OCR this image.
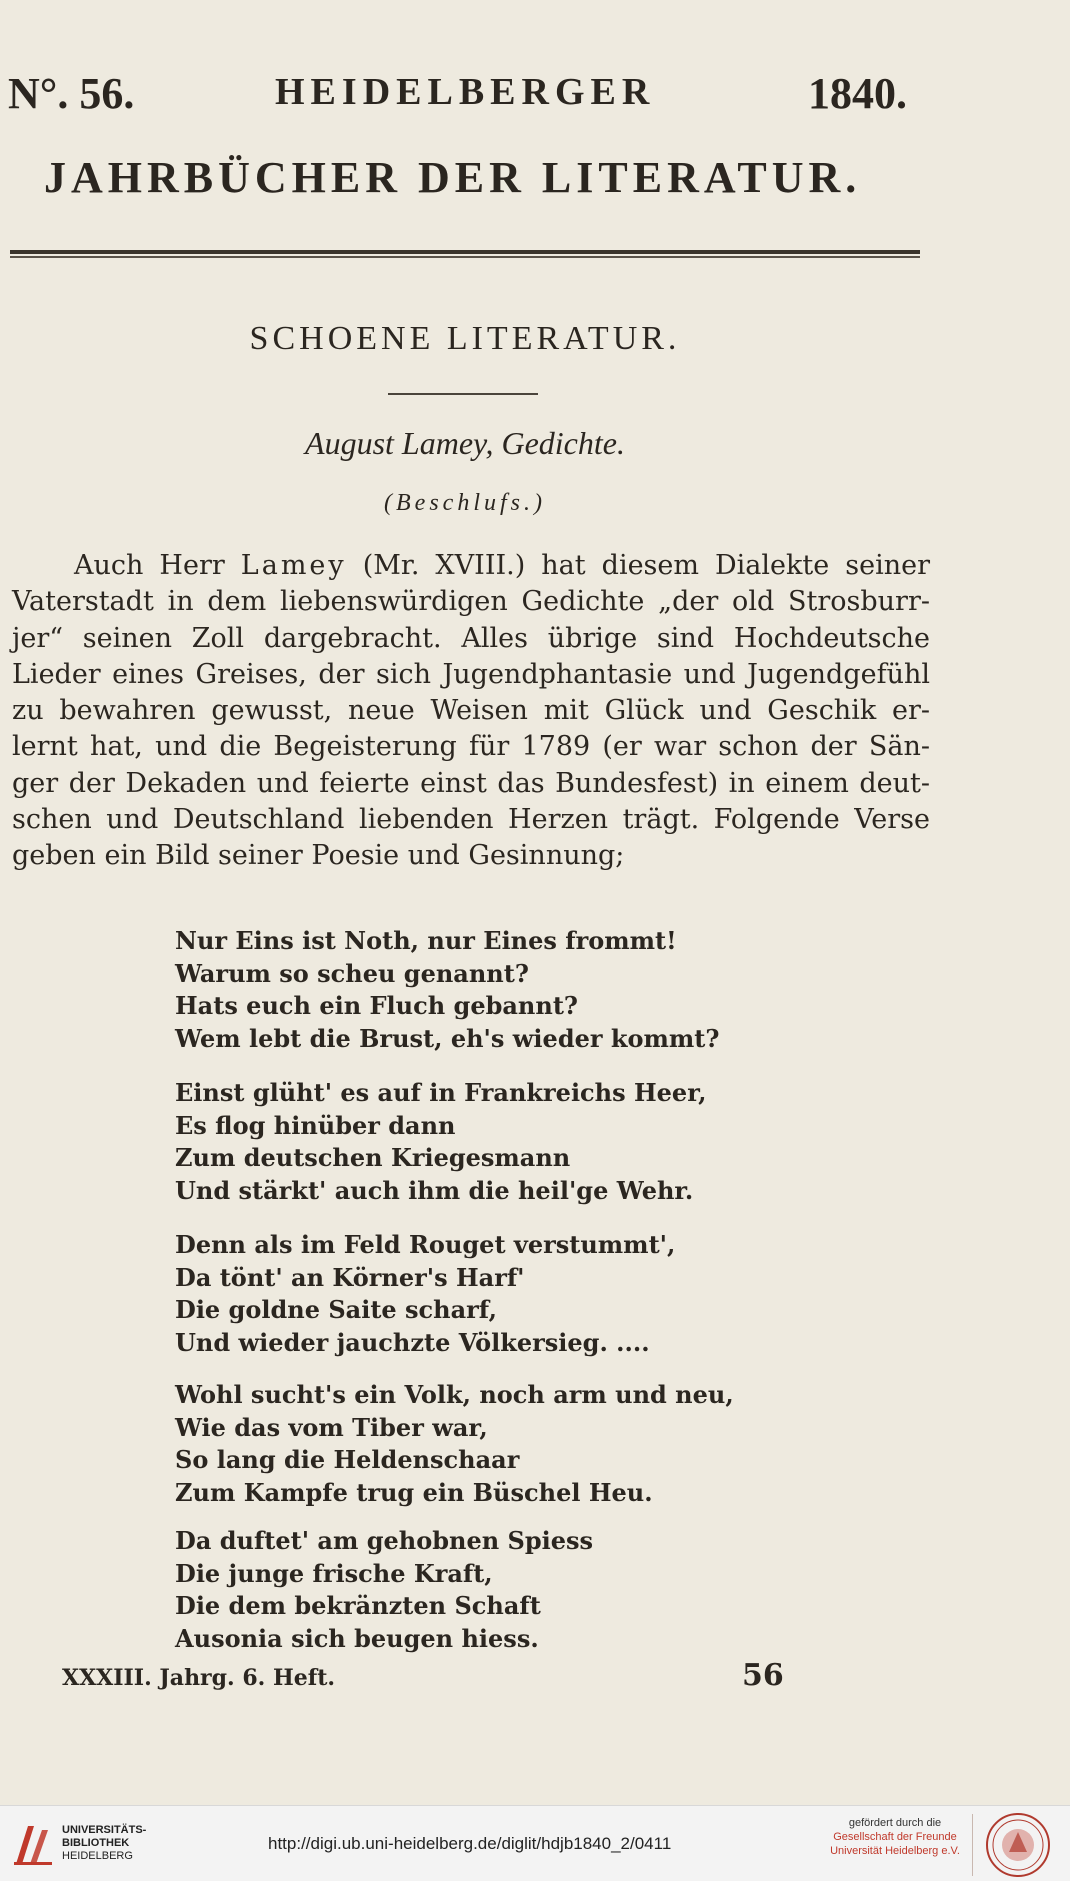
N°. 56.	HEIDELBERGER	1840.
JAHRBÜCHER DER LITERATUR.
SCHOENE LITERATUR.
August Lamey, Gedichte.
(Beschlufs.)
Auch Herr Lamey (Mr. XVIII.) hat diesem Dialekte seiner Vaterstadt in dem liebenswürdigen Gedichte „der old Strosburr-jer“ seinen Zoll dargebracht. Alles übrige sind Hochdeutsche Lieder eines Greises, der sich Jugendphantasie und Jugendgefühl zu bewahren gewusst, neue Weisen mit Glück und Geschik er-lernt hat, und die Begeisterung für 1789 (er war schon der Sän-ger der Dekaden und feierte einst das Bundesfest) in einem deut-schen und Deutschland liebenden Herzen trägt. Folgende Verse geben ein Bild seiner Poesie und Gesinnung;
Nur Eins ist Noth, nur Eines frommt!
Warum so scheu genannt?
Hats euch ein Fluch gebannt?
Wem lebt die Brust, eh's wieder kommt?
Einst glüht' es auf in Frankreichs Heer,
Es flog hinüber dann
Zum deutschen Kriegesmann
Und stärkt' auch ihm die heil'ge Wehr.
Denn als im Feld Rouget verstummt',
Da tönt' an Körner's Harf'
Die goldne Saite scharf,
Und wieder jauchzte Völkersieg. ....
Wohl sucht's ein Volk, noch arm und neu,
Wie das vom Tiber war,
So lang die Heldenschaar
Zum Kampfe trug ein Büschel Heu.
Da duftet' am gehobnen Spiess
Die junge frische Kraft,
Die dem bekränzten Schaft
Ausonia sich beugen hiess.
XXXIII. Jahrg. 6. Heft.	56
UNIVERSITÄTS-
BIBLIOTHEK
HEIDELBERG
http://digi.ub.uni-heidelberg.de/diglit/hdjb1840_2/0411
gefördert durch die
Gesellschaft der Freunde
Universität Heidelberg e.V.
